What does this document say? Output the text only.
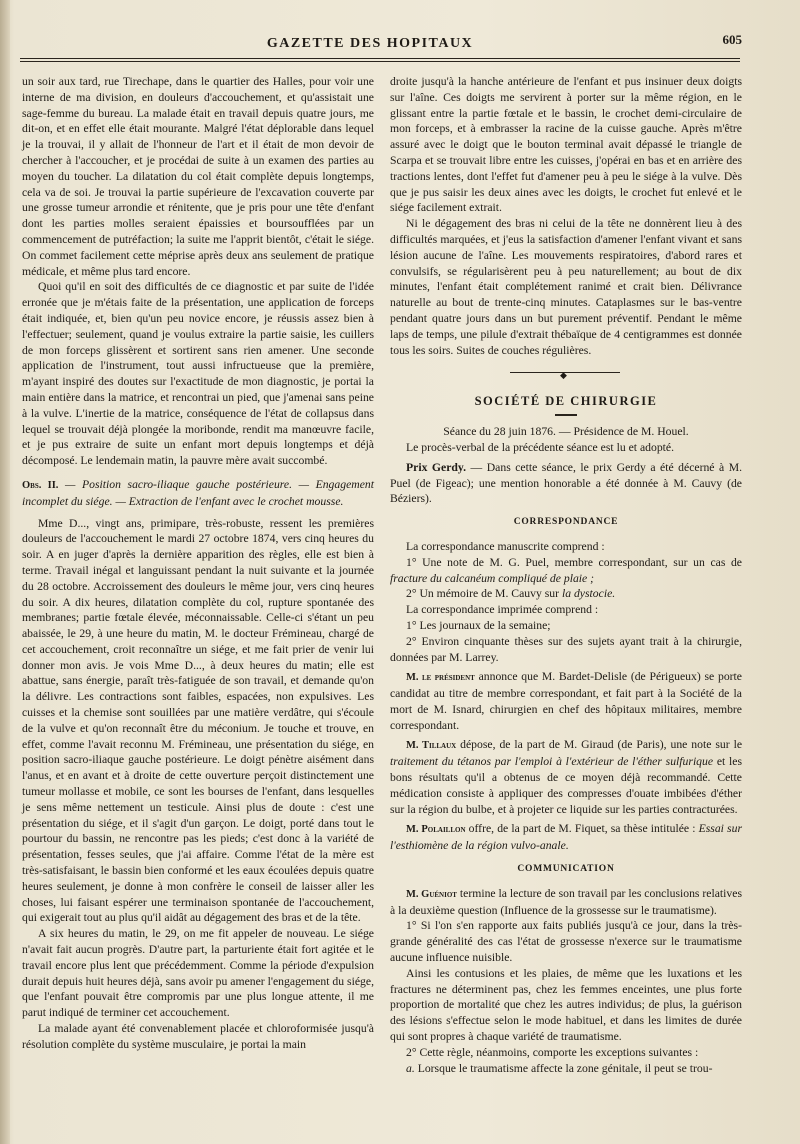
GAZETTE DES HOPITAUX	605

un soir aux tard, rue Tirechape, dans le quartier des Halles, pour voir une interne de ma division, en douleurs d'accouchement, et qu'assistait une sage-femme du bureau. La malade était en travail depuis quatre jours, me dit-on, et en effet elle était mourante. Malgré l'état déplorable dans lequel je la trouvai, il y allait de l'honneur de l'art et il était de mon devoir de chercher à l'accoucher, et je procédai de suite à un examen des parties au moyen du toucher. La dilatation du col était complète depuis longtemps, cela va de soi. Je trouvai la partie supérieure de l'excavation couverte par une grosse tumeur arrondie et rénitente, que je pris pour une tête d'enfant dont les parties molles seraient épaissies et boursoufflées par un commencement de putréfaction; la suite me l'apprit bientôt, c'était le siége. On commet facilement cette méprise après deux ans seulement de pratique médicale, et même plus tard encore.

Quoi qu'il en soit des difficultés de ce diagnostic et par suite de l'idée erronée que je m'étais faite de la présentation, une application de forceps était indiquée, et, bien qu'un peu novice encore, je réussis assez bien à l'effectuer; seulement, quand je voulus extraire la partie saisie, les cuillers de mon forceps glissèrent et sortirent sans rien amener. Une seconde application de l'instrument, tout aussi infructueuse que la première, m'ayant inspiré des doutes sur l'exactitude de mon diagnostic, je portai la main entière dans la matrice, et rencontrai un pied, que j'amenai sans peine à la vulve. L'inertie de la matrice, conséquence de l'état de collapsus dans lequel se trouvait déjà plongée la moribonde, rendit ma manœuvre facile, et je pus extraire de suite un enfant mort depuis longtemps et déjà décomposé. Le lendemain matin, la pauvre mère avait succombé.

Obs. II. — Position sacro-iliaque gauche postérieure. — Engagement incomplet du siége. — Extraction de l'enfant avec le crochet mousse.

Mme D..., vingt ans, primipare, très-robuste, ressent les premières douleurs de l'accouchement le mardi 27 octobre 1874, vers cinq heures du soir. A en juger d'après la dernière apparition des règles, elle est bien à terme. Travail inégal et languissant pendant la nuit suivante et la journée du 28 octobre. Accroissement des douleurs le même jour, vers cinq heures du soir. A dix heures, dilatation complète du col, rupture spontanée des membranes; partie fœtale élevée, méconnaissable. Celle-ci s'étant un peu abaissée, le 29, à une heure du matin, M. le docteur Frémineau, chargé de cet accouchement, croit reconnaître un siége, et me fait prier de venir lui donner mon avis. Je vois Mme D..., à deux heures du matin; elle est abattue, sans énergie, paraît très-fatiguée de son travail, et demande qu'on la délivre. Les contractions sont faibles, espacées, non expulsives. Les cuisses et la chemise sont souillées par une matière verdâtre, qui s'écoule de la vulve et qu'on reconnaît être du méconium. Je touche et trouve, en effet, comme l'avait reconnu M. Frémineau, une présentation du siége, en position sacro-iliaque gauche postérieure. Le doigt pénètre aisément dans l'anus, et en avant et à droite de cette ouverture perçoit distinctement une tumeur mollasse et mobile, ce sont les bourses de l'enfant, dans lesquelles je sens même nettement un testicule. Ainsi plus de doute : c'est une présentation du siége, et il s'agit d'un garçon. Le doigt, porté dans tout le pourtour du bassin, ne rencontre pas les pieds; c'est donc à la variété de présentation, fesses seules, que j'ai affaire. Comme l'état de la mère est très-satisfaisant, le bassin bien conformé et les eaux écoulées depuis quatre heures seulement, je donne à mon confrère le conseil de laisser aller les choses, lui faisant espérer une terminaison spontanée de l'accouchement, qui exigerait tout au plus qu'il aidât au dégagement des bras et de la tête.

A six heures du matin, le 29, on me fit appeler de nouveau. Le siége n'avait fait aucun progrès. D'autre part, la parturiente était fort agitée et le travail encore plus lent que précédemment. Comme la période d'expulsion durait depuis huit heures déjà, sans avoir pu amener l'engagement du siége, que l'enfant pouvait être compromis par une plus longue attente, il me parut indiqué de terminer cet accouchement.

La malade ayant été convenablement placée et chloroformisée jusqu'à résolution complète du système musculaire, je portai la main

droite jusqu'à la hanche antérieure de l'enfant et pus insinuer deux doigts sur l'aîne. Ces doigts me servirent à porter sur la même région, en le glissant entre la partie fœtale et le bassin, le crochet demi-circulaire de mon forceps, et à embrasser la racine de la cuisse gauche. Après m'être assuré avec le doigt que le bouton terminal avait dépassé le triangle de Scarpa et se trouvait libre entre les cuisses, j'opérai en bas et en arrière des tractions lentes, dont l'effet fut d'amener peu à peu le siége à la vulve. Dès que je pus saisir les deux aines avec les doigts, le crochet fut enlevé et le siége facilement extrait.

Ni le dégagement des bras ni celui de la tête ne donnèrent lieu à des difficultés marquées, et j'eus la satisfaction d'amener l'enfant vivant et sans lésion aucune de l'aîne. Les mouvements respiratoires, d'abord rares et convulsifs, se régularisèrent peu à peu naturellement; au bout de dix minutes, l'enfant était complétement ranimé et crait bien. Délivrance naturelle au bout de trente-cinq minutes. Cataplasmes sur le bas-ventre pendant quatre jours dans un but purement préventif. Pendant le même laps de temps, une pilule d'extrait thébaïque de 4 centigrammes est donnée tous les soirs. Suites de couches régulières.

◆
SOCIÉTÉ DE CHIRURGIE

Séance du 28 juin 1876. — Présidence de M. Houel.

Le procès-verbal de la précédente séance est lu et adopté.

Prix Gerdy. — Dans cette séance, le prix Gerdy a été décerné à M. Puel (de Figeac); une mention honorable a été donnée à M. Cauvy (de Béziers).

CORRESPONDANCE

La correspondance manuscrite comprend :

1° Une note de M. G. Puel, membre correspondant, sur un cas de fracture du calcanéum compliqué de plaie ;

2° Un mémoire de M. Cauvy sur la dystocie.

La correspondance imprimée comprend :

1° Les journaux de la semaine;

2° Environ cinquante thèses sur des sujets ayant trait à la chirurgie, données par M. Larrey.

M. le président annonce que M. Bardet-Delisle (de Périgueux) se porte candidat au titre de membre correspondant, et fait part à la Société de la mort de M. Isnard, chirurgien en chef des hôpitaux militaires, membre correspondant.

M. Tillaux dépose, de la part de M. Giraud (de Paris), une note sur le traitement du tétanos par l'emploi à l'extérieur de l'éther sulfurique et les bons résultats qu'il a obtenus de ce moyen déjà recommandé. Cette médication consiste à appliquer des compresses d'ouate imbibées d'éther sur la région du bulbe, et à projeter ce liquide sur les parties contracturées.

M. Polaillon offre, de la part de M. Fiquet, sa thèse intitulée : Essai sur l'esthiomène de la région vulvo-anale.

COMMUNICATION

M. Guéniot termine la lecture de son travail par les conclusions relatives à la deuxième question (Influence de la grossesse sur le traumatisme).

1° Si l'on s'en rapporte aux faits publiés jusqu'à ce jour, dans la très-grande généralité des cas l'état de grossesse n'exerce sur le traumatisme aucune influence nuisible.

Ainsi les contusions et les plaies, de même que les luxations et les fractures ne déterminent pas, chez les femmes enceintes, une plus forte proportion de mortalité que chez les autres individus; de plus, la guérison des lésions s'effectue selon le mode habituel, et dans les limites de durée qui sont propres à chaque variété de traumatisme.

2° Cette règle, néanmoins, comporte les exceptions suivantes :

a. Lorsque le traumatisme affecte la zone génitale, il peut se trou-
